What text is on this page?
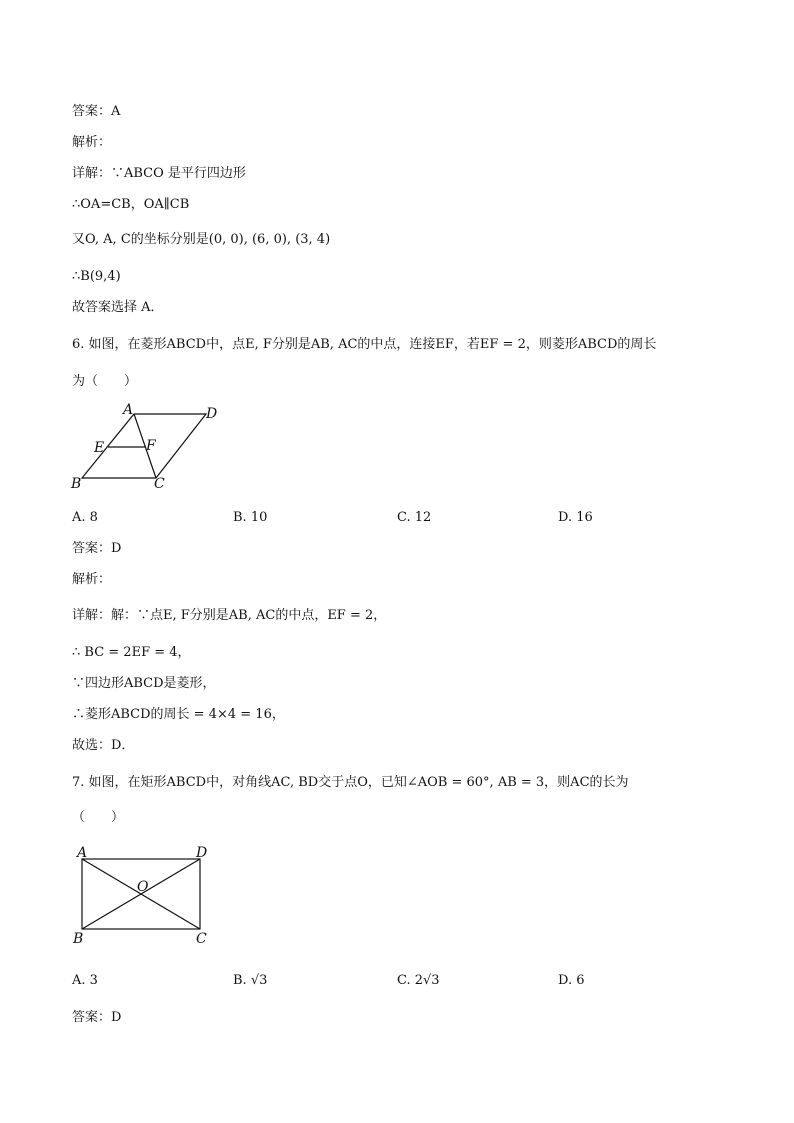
答案：A
解析：
详解：∵ABCO 是平行四边形
∴OA=CB，OA∥CB
又O, A, C的坐标分别是(0, 0), (6, 0), (3, 4)
∴B(9,4)
故答案选择 A．
6. 如图，在菱形ABCD中，点E, F分别是AB, AC的中点，连接EF，若EF = 2，则菱形ABCD的周长
为（　　）
A	D
E	F
B	C
A. 8	B. 10	C. 12	D. 16
答案：D
解析：
详解：解：∵点E, F分别是AB, AC的中点，EF = 2，
∴ BC = 2EF = 4，
∵四边形ABCD是菱形，
∴菱形ABCD的周长 = 4×4 = 16，
故选：D．
7. 如图，在矩形ABCD中，对角线AC, BD交于点O，已知∠AOB = 60°, AB = 3，则AC的长为
（　　）
A	D
O
B	C
A. 3	B. √3	C. 2√3	D. 6
答案：D
